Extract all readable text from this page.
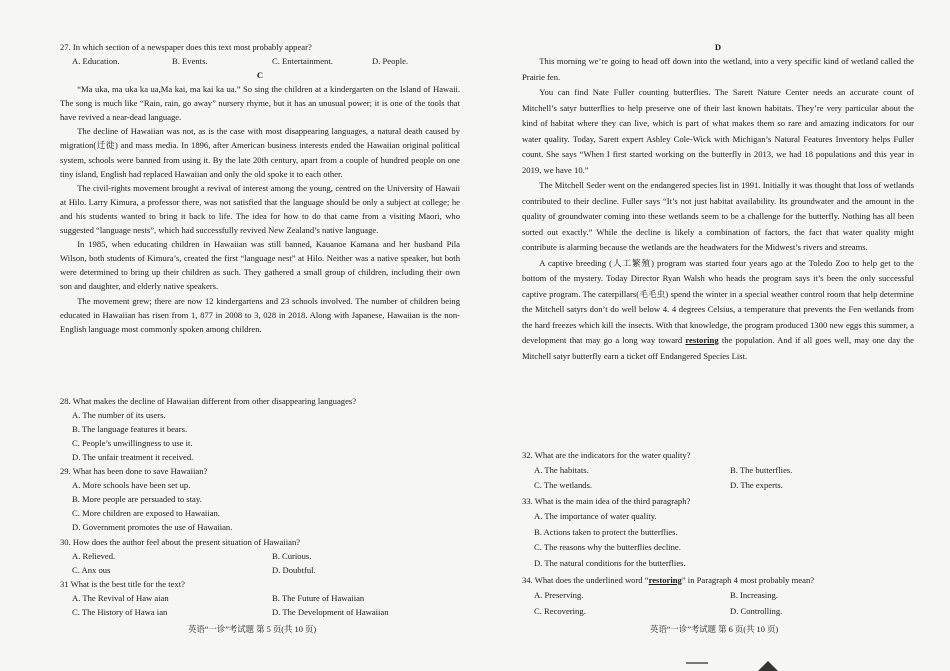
27. In which section of a newspaper does this text most probably appear?

A. Education.	B. Events.	C. Entertainment.	D. People.

C

“Ma uka, ma uka ka ua,Ma kai, ma kai ka ua.” So sing the children at a kindergarten on the Island of Hawaii. The song is much like “Rain, rain, go away” nursery rhyme, but it has an unusual power; it is one of the tools that have revived a near-dead language.

The decline of Hawaiian was not, as is the case with most disappearing languages, a natural death caused by migration(迁徙) and mass media. In 1896, after American business interests ended the Hawaiian original political system, schools were banned from using it. By the late 20th century, apart from a couple of hundred people on one tiny island, English had replaced Hawaiian and only the old spoke it to each other.

The civil-rights movement brought a revival of interest among the young, centred on the University of Hawaii at Hilo. Larry Kimura, a professor there, was not satisfied that the language should be only a subject at college; he and his students wanted to bring it back to life. The idea for how to do that came from a visiting Maori, who suggested “language nests”, which had successfully revived New Zealand’s native language.

In 1985, when educating children in Hawaiian was still banned, Kauanoe Kamana and her husband Pila Wilson, both students of Kimura’s, created the first “language nest” at Hilo. Neither was a native speaker, but both were determined to bring up their children as such. They gathered a small group of children, including their own son and daughter, and elderly native speakers.

The movement grew; there are now 12 kindergartens and 23 schools involved. The number of children being educated in Hawaiian has risen from 1, 877 in 2008 to 3, 028 in 2018. Along with Japanese, Hawaiian is the non-English language most commonly spoken among children.

28. What makes the decline of Hawaiian different from other disappearing languages?

A. The number of its users.
B. The language features it bears.
C. People’s unwillingness to use it.
D. The unfair treatment it received.

29. What has been done to save Hawaiian?

A. More schools have been set up.
B. More people are persuaded to stay.
C. More children are exposed to Hawaiian.
D. Government promotes the use of Hawaiian.

30. How does the author feel about the present situation of Hawaiian?

A. Relieved.	B. Curious.
C. Anx ous	D. Doubtful.

31 What is the best title for the text?

A. The Revival of Haw aian	B. The Future of Hawaiian
C. The History of Hawa ian	D. The Development of Hawaiian
英语“一诊”考试题 第 5 页(共 10 页)

D

This morning we’re going to head off down into the wetland, into a very specific kind of wetland called the Prairie fen.

You can find Nate Fuller counting butterflies. The Sarett Nature Center needs an accurate count of Mitchell’s satyr butterflies to help preserve one of their last known habitats. They’re very particular about the kind of habitat where they can live, which is part of what makes them so rare and amazing indicators for our water quality. Today, Sarett expert Ashley Cole-Wick with Michigan’s Natural Features Inventory helps Fuller count. She says “When I first started working on the butterfly in 2013, we had 18 populations and this year in 2019, we have 10.”

The Mitchell Seder went on the endangered species list in 1991. Initially it was thought that loss of wetlands contributed to their decline. Fuller says “It’s not just habitat availability. Its groundwater and the amount in the quality of groundwater coming into these wetlands seem to be a challenge for the butterfly. Nothing has all been sorted out exactly.” While the decline is likely a combination of factors, the fact that water quality might contribute is alarming because the wetlands are the headwaters for the Midwest’s rivers and streams.

A captive breeding (人工繁殖) program was started four years ago at the Toledo Zoo to help get to the bottom of the mystery. Today Director Ryan Walsh who heads the program says it’s been the only successful captive program. The caterpillars(毛毛虫) spend the winter in a special weather control room that help determine the Mitchell satyrs don’t do well below 4. 4 degrees Celsius, a temperature that prevents the Fen wetlands from the hard freezes which kill the insects. With that knowledge, the program produced 1300 new eggs this summer, a development that may go a long way toward restoring the population. And if all goes well, may one day the Mitchell satyr butterfly earn a ticket off Endangered Species List.

32. What are the indicators for the water quality?

A. The habitats.	B. The butterflies.
C. The wetlands.	D. The experts.

33. What is the main idea of the third paragraph?

A. The importance of water quality.
B. Actions taken to protect the butterflies.
C. The reasons why the butterflies decline.
D. The natural conditions for the butterflies.

34. What does the underlined word “restoring” in Paragraph 4 most probably mean?

A. Preserving.	B. Increasing.
C. Recovering.	D. Controlling.
英语“一诊”考试题 第 6 页(共 10 页)
